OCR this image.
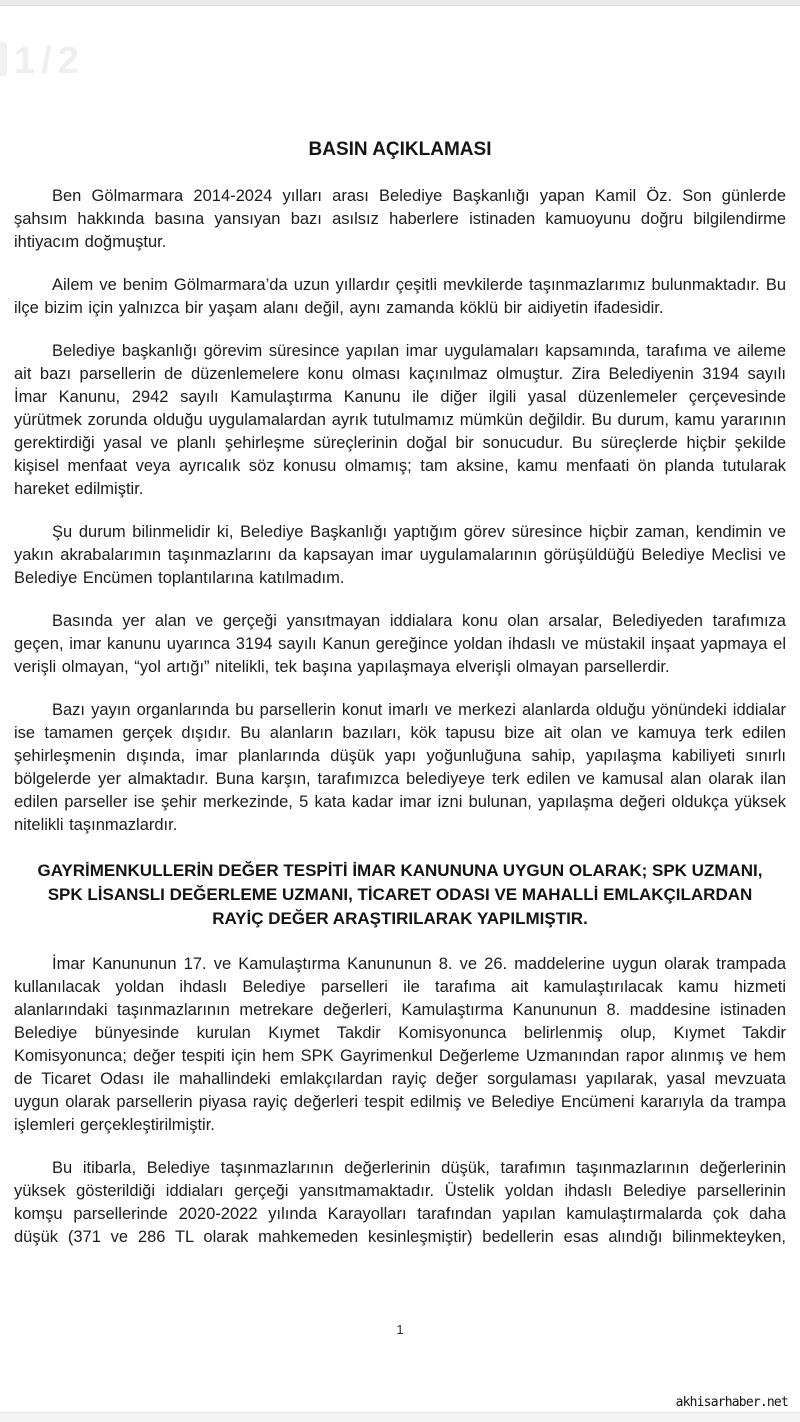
1/2
BASIN AÇIKLAMASI

Ben Gölmarmara 2014-2024 yılları arası Belediye Başkanlığı yapan Kamil Öz. Son günlerde şahsım hakkında basına yansıyan bazı asılsız haberlere istinaden kamuoyunu doğru bilgilendirme ihtiyacım doğmuştur.

Ailem ve benim Gölmarmara’da uzun yıllardır çeşitli mevkilerde taşınmazlarımız bulunmaktadır. Bu ilçe bizim için yalnızca bir yaşam alanı değil, aynı zamanda köklü bir aidiyetin ifadesidir.

Belediye başkanlığı görevim süresince yapılan imar uygulamaları kapsamında, tarafıma ve aileme ait bazı parsellerin de düzenlemelere konu olması kaçınılmaz olmuştur. Zira Belediyenin 3194 sayılı İmar Kanunu, 2942 sayılı Kamulaştırma Kanunu ile diğer ilgili yasal düzenlemeler çerçevesinde yürütmek zorunda olduğu uygulamalardan ayrık tutulmamız mümkün değildir. Bu durum, kamu yararının gerektirdiği yasal ve planlı şehirleşme süreçlerinin doğal bir sonucudur. Bu süreçlerde hiçbir şekilde kişisel menfaat veya ayrıcalık söz konusu olmamış; tam aksine, kamu menfaati ön planda tutularak hareket edilmiştir.

Şu durum bilinmelidir ki, Belediye Başkanlığı yaptığım görev süresince hiçbir zaman, kendimin ve yakın akrabalarımın taşınmazlarını da kapsayan imar uygulamalarının görüşüldüğü Belediye Meclisi ve Belediye Encümen toplantılarına katılmadım.

Basında yer alan ve gerçeği yansıtmayan iddialara konu olan arsalar, Belediyeden tarafımıza geçen, imar kanunu uyarınca 3194 sayılı Kanun gereğince yoldan ihdaslı ve müstakil inşaat yapmaya el verişli olmayan, “yol artığı” nitelikli, tek başına yapılaşmaya elverişli olmayan parsellerdir.

Bazı yayın organlarında bu parsellerin konut imarlı ve merkezi alanlarda olduğu yönündeki iddialar ise tamamen gerçek dışıdır. Bu alanların bazıları, kök tapusu bize ait olan ve kamuya terk edilen şehirleşmenin dışında, imar planlarında düşük yapı yoğunluğuna sahip, yapılaşma kabiliyeti sınırlı bölgelerde yer almaktadır. Buna karşın, tarafımızca belediyeye terk edilen ve kamusal alan olarak ilan edilen parseller ise şehir merkezinde, 5 kata kadar imar izni bulunan, yapılaşma değeri oldukça yüksek nitelikli taşınmazlardır.

GAYRİMENKULLERİN DEĞER TESPİTİ İMAR KANUNUNA UYGUN OLARAK; SPK UZMANI, SPK LİSANSLI DEĞERLEME UZMANI, TİCARET ODASI VE MAHALLİ EMLAKÇILARDAN RAYİÇ DEĞER ARAŞTIRILARAK YAPILMIŞTIR.

İmar Kanununun 17. ve Kamulaştırma Kanununun 8. ve 26. maddelerine uygun olarak trampada kullanılacak yoldan ihdaslı Belediye parselleri ile tarafıma ait kamulaştırılacak kamu hizmeti alanlarındaki taşınmazlarının metrekare değerleri, Kamulaştırma Kanununun 8. maddesine istinaden Belediye bünyesinde kurulan Kıymet Takdir Komisyonunca belirlenmiş olup, Kıymet Takdir Komisyonunca; değer tespiti için hem SPK Gayrimenkul Değerleme Uzmanından rapor alınmış ve hem de Ticaret Odası ile mahallindeki emlakçılardan rayiç değer sorgulaması yapılarak, yasal mevzuata uygun olarak parsellerin piyasa rayiç değerleri tespit edilmiş ve Belediye Encümeni kararıyla da trampa işlemleri gerçekleştirilmiştir.

Bu itibarla, Belediye taşınmazlarının değerlerinin düşük, tarafımın taşınmazlarının değerlerinin yüksek gösterildiği iddiaları gerçeği yansıtmamaktadır. Üstelik yoldan ihdaslı Belediye parsellerinin komşu parsellerinde 2020-2022 yılında Karayolları tarafından yapılan kamulaştırmalarda çok daha düşük (371 ve 286 TL olarak mahkemeden kesinleşmiştir) bedellerin esas alındığı bilinmekteyken,

1
akhisarhaber.net
